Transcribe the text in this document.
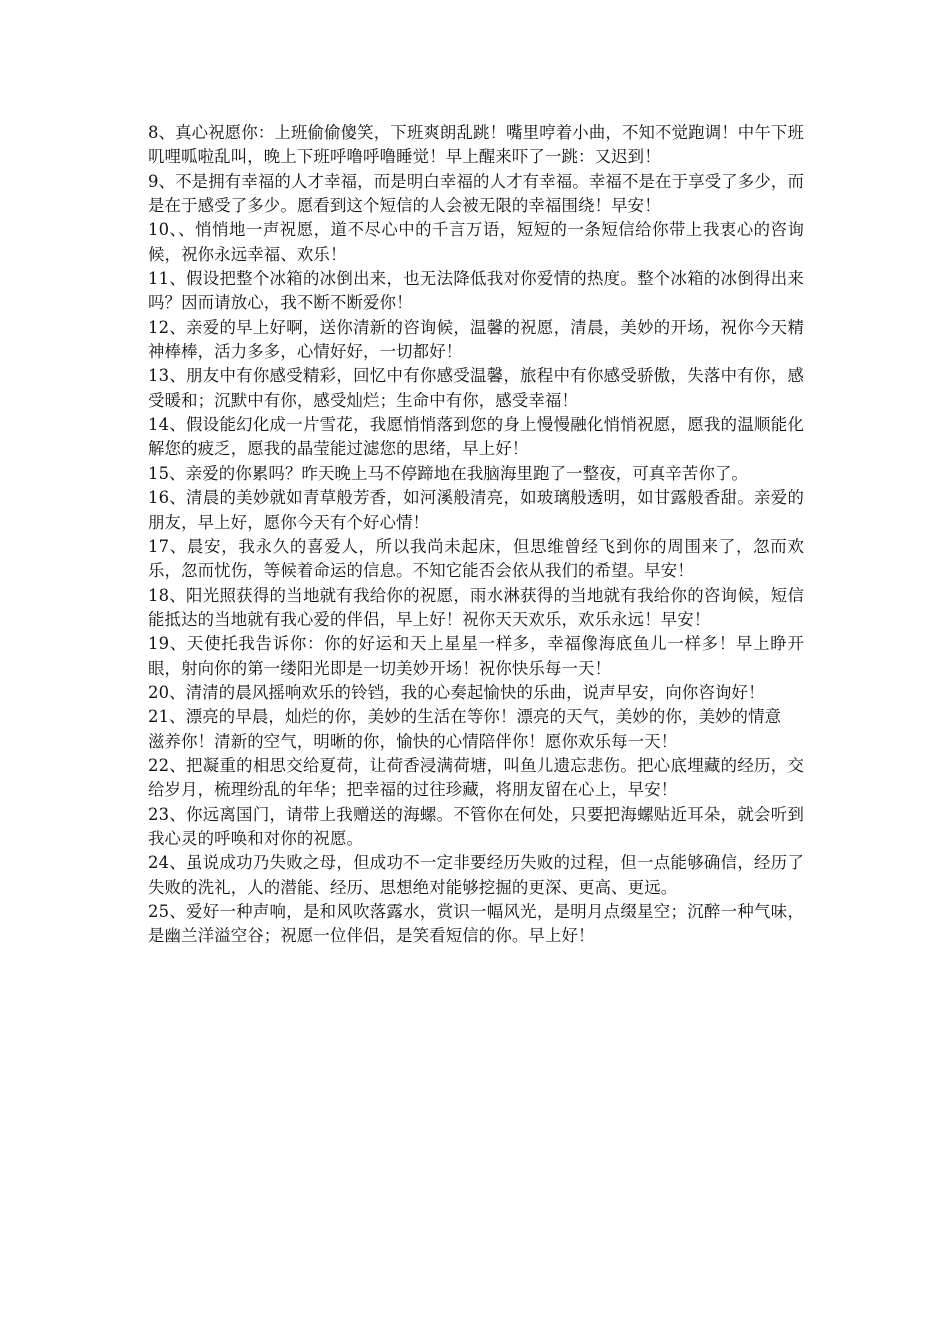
8、真心祝愿你：上班偷偷傻笑，下班爽朗乱跳！嘴里哼着小曲，不知不觉跑调！中午下班叽哩呱啦乱叫，晚上下班呼噜呼噜睡觉！早上醒来吓了一跳：又迟到！

9、不是拥有幸福的人才幸福，而是明白幸福的人才有幸福。幸福不是在于享受了多少，而是在于感受了多少。愿看到这个短信的人会被无限的幸福围绕！早安！

10、、悄悄地一声祝愿，道不尽心中的千言万语，短短的一条短信给你带上我衷心的咨询候，祝你永远幸福、欢乐！

11、假设把整个冰箱的冰倒出来，也无法降低我对你爱情的热度。整个冰箱的冰倒得出来吗？因而请放心，我不断不断爱你！

12、亲爱的早上好啊，送你清新的咨询候，温馨的祝愿，清晨，美妙的开场，祝你今天精神棒棒，活力多多，心情好好，一切都好！

13、朋友中有你感受精彩，回忆中有你感受温馨，旅程中有你感受骄傲，失落中有你，感受暖和；沉默中有你，感受灿烂；生命中有你，感受幸福！

14、假设能幻化成一片雪花，我愿悄悄落到您的身上慢慢融化悄悄祝愿，愿我的温顺能化解您的疲乏，愿我的晶莹能过滤您的思绪，早上好！

15、亲爱的你累吗？昨天晚上马不停蹄地在我脑海里跑了一整夜，可真辛苦你了。

16、清晨的美妙就如青草般芳香，如河溪般清亮，如玻璃般透明，如甘露般香甜。亲爱的朋友，早上好，愿你今天有个好心情！

17、晨安，我永久的喜爱人，所以我尚未起床，但思维曾经飞到你的周围来了，忽而欢乐，忽而忧伤，等候着命运的信息。不知它能否会依从我们的希望。早安！

18、阳光照获得的当地就有我给你的祝愿，雨水淋获得的当地就有我给你的咨询候，短信能抵达的当地就有我心爱的伴侣，早上好！祝你天天欢乐，欢乐永远！早安！

19、天使托我告诉你：你的好运和天上星星一样多，幸福像海底鱼儿一样多！早上睁开眼，射向你的第一缕阳光即是一切美妙开场！祝你快乐每一天！

20、清清的晨风摇响欢乐的铃铛，我的心奏起愉快的乐曲，说声早安，向你咨询好！

21、漂亮的早晨，灿烂的你，美妙的生活在等你！漂亮的天气，美妙的你，美妙的情意

滋养你！清新的空气，明晰的你，愉快的心情陪伴你！愿你欢乐每一天！

22、把凝重的相思交给夏荷，让荷香浸满荷塘，叫鱼儿遗忘悲伤。把心底埋藏的经历，交给岁月，梳理纷乱的年华；把幸福的过往珍藏，将朋友留在心上，早安！

23、你远离国门，请带上我赠送的海螺。不管你在何处，只要把海螺贴近耳朵，就会听到我心灵的呼唤和对你的祝愿。

24、虽说成功乃失败之母，但成功不一定非要经历失败的过程，但一点能够确信，经历了失败的洗礼，人的潜能、经历、思想绝对能够挖掘的更深、更高、更远。

25、爱好一种声响，是和风吹落露水，赏识一幅风光，是明月点缀星空；沉醉一种气味，是幽兰洋溢空谷；祝愿一位伴侣，是笑看短信的你。早上好！
